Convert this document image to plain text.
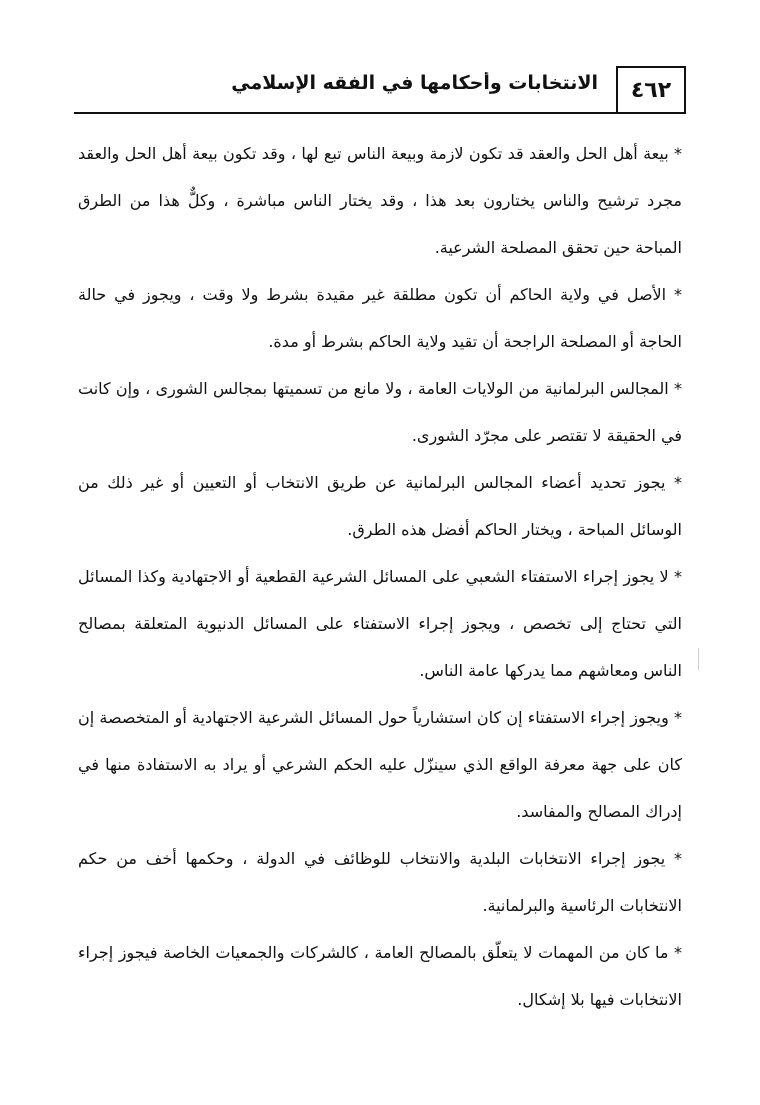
٤٦٢
الانتخابات وأحكامها في الفقه الإسلامي

* بيعة أهل الحل والعقد قد تكون لازمة وبيعة الناس تبع لها ، وقد تكون بيعة أهل الحل والعقد مجرد ترشيح والناس يختارون بعد هذا ، وقد يختار الناس مباشرة ، وكلٌّ هذا من الطرق المباحة حين تحقق المصلحة الشرعية.

* الأصل في ولاية الحاكم أن تكون مطلقة غير مقيدة بشرط ولا وقت ، ويجوز في حالة الحاجة أو المصلحة الراجحة أن تقيد ولاية الحاكم بشرط أو مدة.

* المجالس البرلمانية من الولايات العامة ، ولا مانع من تسميتها بمجالس الشورى ، وإن كانت في الحقيقة لا تقتصر على مجرّد الشورى.

* يجوز تحديد أعضاء المجالس البرلمانية عن طريق الانتخاب أو التعيين أو غير ذلك من الوسائل المباحة ، ويختار الحاكم أفضل هذه الطرق.

* لا يجوز إجراء الاستفتاء الشعبي على المسائل الشرعية القطعية أو الاجتهادية وكذا المسائل التي تحتاج إلى تخصص ، ويجوز إجراء الاستفتاء على المسائل الدنيوية المتعلقة بمصالح الناس ومعاشهم مما يدركها عامة الناس.

* ويجوز إجراء الاستفتاء إن كان استشارياً حول المسائل الشرعية الاجتهادية أو المتخصصة إن كان على جهة معرفة الواقع الذي سينزّل عليه الحكم الشرعي أو يراد به الاستفادة منها في إدراك المصالح والمفاسد.

* يجوز إجراء الانتخابات البلدية والانتخاب للوظائف في الدولة ، وحكمها أخف من حكم الانتخابات الرئاسية والبرلمانية.

* ما كان من المهمات لا يتعلّق بالمصالح العامة ، كالشركات والجمعيات الخاصة فيجوز إجراء الانتخابات فيها بلا إشكال.
